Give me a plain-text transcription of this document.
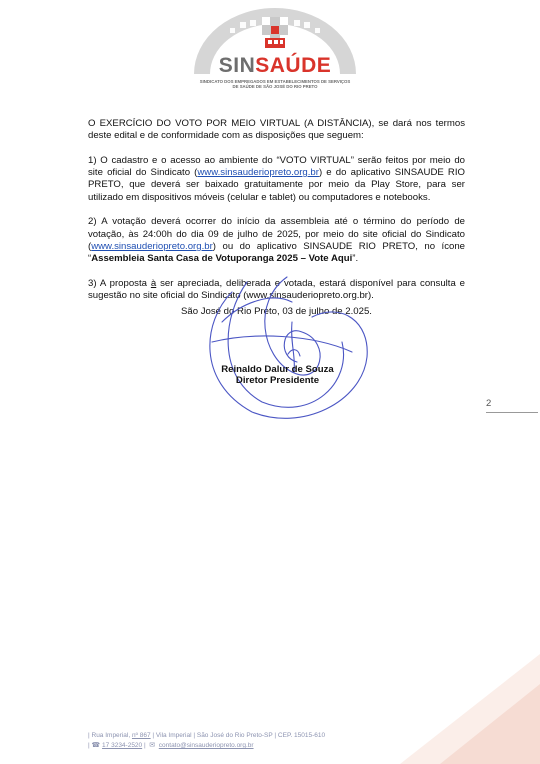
SINSAÚDE
SINDICATO DOS EMPREGADOS EM ESTABELECIMENTOS DE SERVIÇOS
DE SAÚDE DE SÃO JOSÉ DO RIO PRETO

O EXERCÍCIO DO VOTO POR MEIO VIRTUAL (A DISTÂNCIA), se dará nos termos deste edital e de conformidade com as disposições que seguem:

1) O cadastro e o acesso ao ambiente do “VOTO VIRTUAL” serão feitos por meio do site oficial do Sindicato (www.sinsauderiopreto.org.br) e do aplicativo SINSAUDE RIO PRETO, que deverá ser baixado gratuitamente por meio da Play Store, para ser utilizado em dispositivos móveis (celular e tablet) ou computadores e notebooks.

2) A votação deverá ocorrer do início da assembleia até o término do período de votação, às 24:00h do dia 09 de julho de 2025, por meio do site oficial do Sindicato (www.sinsauderiopreto.org.br) ou do aplicativo SINSAUDE RIO PRETO, no ícone “Assembleia Santa Casa de Votuporanga 2025 – Vote Aqui”.

3) A proposta à ser apreciada, deliberada e votada, estará disponível para consulta e sugestão no site oficial do Sindicato (www.sinsauderiopreto.org.br).

São José do Rio Preto, 03 de julho de 2.025.
Reinaldo Dalur de Souza
Diretor Presidente
2
| Rua Imperial, nº 867 | Vila Imperial | São José do Rio Preto-SP | CEP. 15015-610
| ☎ 17 3234-2520 |  ✉ contato@sinsauderiopreto.org.br
